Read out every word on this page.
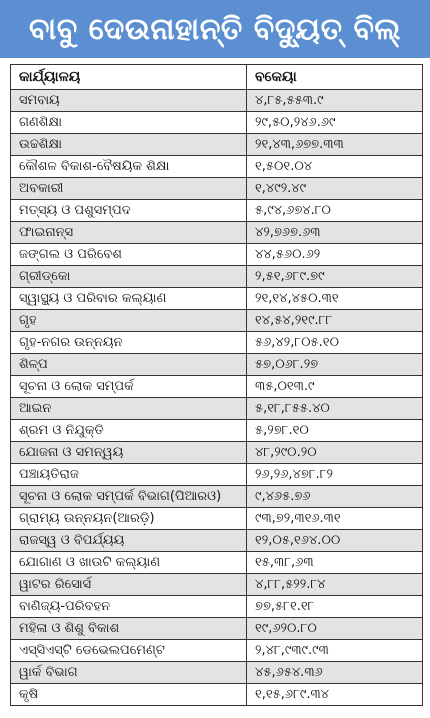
ବାବୁ ଦେଉନାହାନ୍ତି ବିଦ୍ୟୁତ୍ ବିଲ୍
କାର୍ଯ୍ୟାଳୟ	ବକେୟା
ସମବାୟ	୪,୮୫,୫୫୩.୯
ଗଣଶିକ୍ଷା	୨୯,୫୦,୨୪୬.୬୯
ଉଚ୍ଚଶିକ୍ଷା	୨୧,୪୩,୬୭୭.୩୩
କୌଶଳ ବିକାଶ-ବୈଷୟିକ ଶିକ୍ଷା	୧,୫୦୧.୦୪
ଅବକାରୀ	୧,୪୯୨.୪୯
ମତ୍ସ୍ୟ ଓ ପଶୁସମ୍ପଦ	୫,୯୪,୬୭୪.୮୦
ଫାଇନାନ୍ସ	୪୨,୭୬୭.୬୩
ଜଙ୍ଗଲ ଓ ପରିବେଶ	୪୪,୫୬୦.୬୨
ଗ୍ରୀଡ୍‌କୋ	୨,୫୧,୬୮୯.୭୯
ସ୍ୱାସ୍ଥ୍ୟ ଓ ପରିବାର କଲ୍ୟାଣ	୨୧,୧୪,୪୫୦.୩୧
ଗୃହ	୧୪,୫୪,୨୧୯.୮୮
ଗୃହ-ନଗର ଉନ୍ନୟନ	୫୬,୪୨,୮୦୫.୧୦
ଶିଳ୍ପ	୫୭,୦୬୮.୨୭
ସୂଚନା ଓ ଲୋକ ସମ୍ପର୍କ	୩୫,୦୧୩.୯
ଆଇନ	୫,୧୮,୮୫୫.୪୦
ଶ୍ରମ ଓ ନିଯୁକ୍ତି	୫,୨୭୮.୧୦
ଯୋଜନା ଓ ସମନ୍ୱୟ	୪୮,୨୯୦.୨୦
ପଞ୍ଚାୟତିରାଜ	୨୬,୨୬,୪୭୮.୮୨
ସୂଚନା ଓ ଲୋକ ସମ୍ପର୍କ ବିଭାଗ(ପିଆରଓ)	୯,୪୬୫.୭୬
ଗ୍ରାମ୍ୟ ଉନ୍ନୟନ(ଆରଡ଼ି)	୯୩,୭୨,୩୧୬.୩୧
ରାଜସ୍ୱ ଓ ବିପର୍ଯ୍ୟୟ	୧୨,୦୫,୧୬୪.୦୦
ଯୋଗାଣ ଓ ଖାଉଟି କଲ୍ୟାଣ	୧୫,୩୮,୬୩
ୱାଟର ରିସୋର୍ସ	୪,୮୮,୫୨୨.୮୪
ବାଣିଜ୍ୟ-ପରିବହନ	୭୭,୫୮୧.୧୮
ମହିଳା ଓ ଶିଶୁ ବିକାଶ	୧୯,୬୨୦.୮୦
ଏସ୍‌ସିଏସ୍‌ଟି ଡେଭେଲପମେଣ୍ଟ	୨,୪୮,୯୩୯.୯୩
ୱାର୍କ ବିଭାଗ	୪୫,୬୫୪.୩୬
କୃଷି	୧,୧୫,୬୮୯.୩୪
